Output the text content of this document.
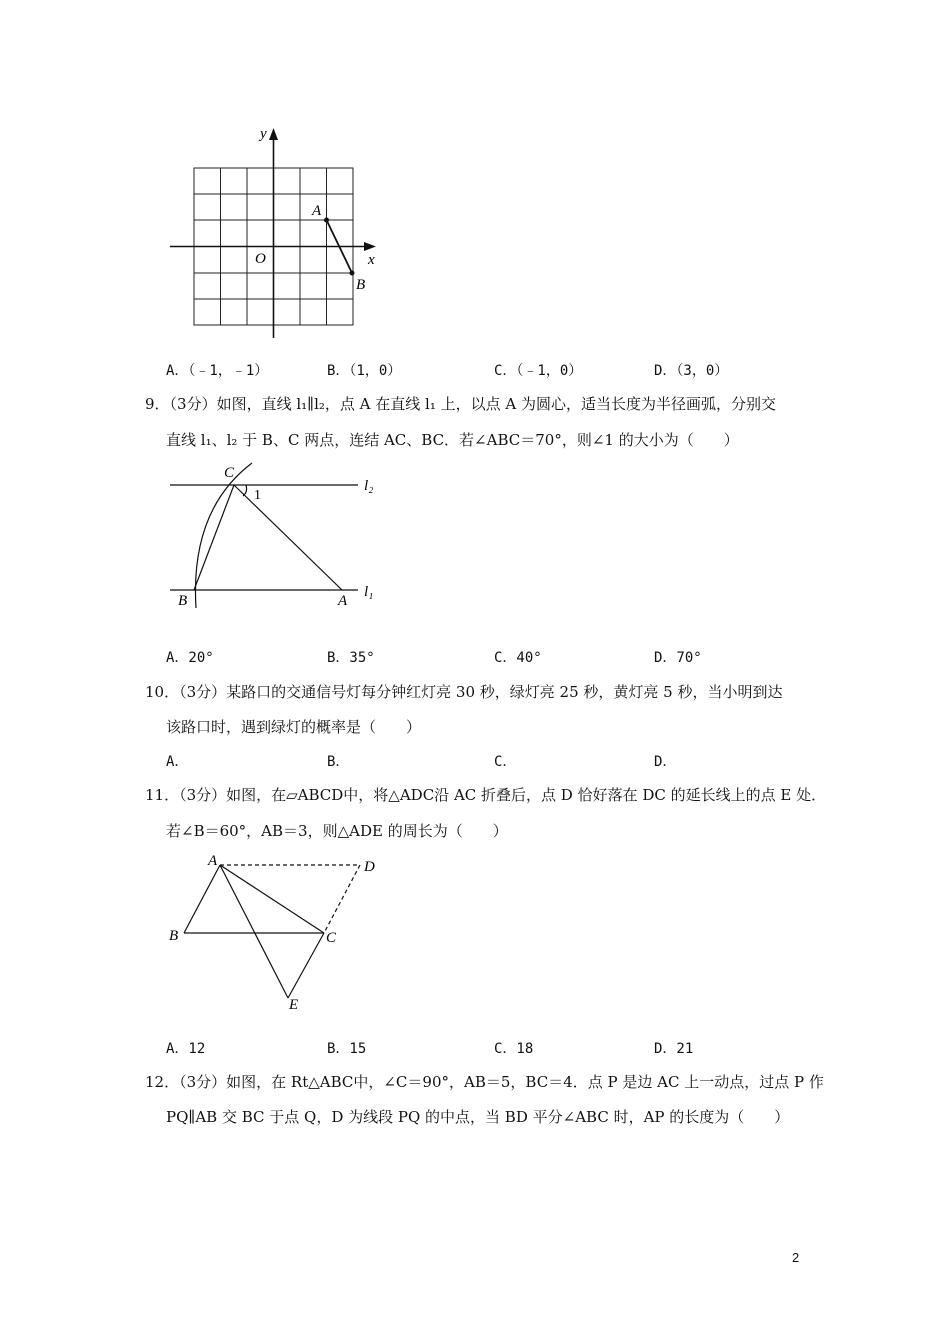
y
x
O
A
B
A．（﹣1，﹣1）	B．（1，0）	C．（﹣1，0）	D．（3，0）
9．（3分）如图，直线 l₁∥l₂，点 A 在直线 l₁ 上，以点 A 为圆心，适当长度为半径画弧，分别交
直线 l₁、l₂ 于 B、C 两点，连结 AC、BC．若∠ABC＝70°，则∠1 的大小为（　　）
C
1
l₂
B	A
l₁
A．20°	B．35°	C．40°	D．70°
10．（3分）某路口的交通信号灯每分钟红灯亮 30 秒，绿灯亮 25 秒，黄灯亮 5 秒，当小明到达
该路口时，遇到绿灯的概率是（　　）
A．	B．	C．	D．
11．（3分）如图，在▱ABCD中，将△ADC沿 AC 折叠后，点 D 恰好落在 DC 的延长线上的点 E 处．
若∠B＝60°，AB＝3，则△ADE 的周长为（　　）
A	D
B	C
E
A．12	B．15	C．18	D．21
12．（3分）如图，在 Rt△ABC中，∠C＝90°，AB＝5，BC＝4．点 P 是边 AC 上一动点，过点 P 作
PQ∥AB 交 BC 于点 Q，D 为线段 PQ 的中点，当 BD 平分∠ABC 时，AP 的长度为（　　）
2
